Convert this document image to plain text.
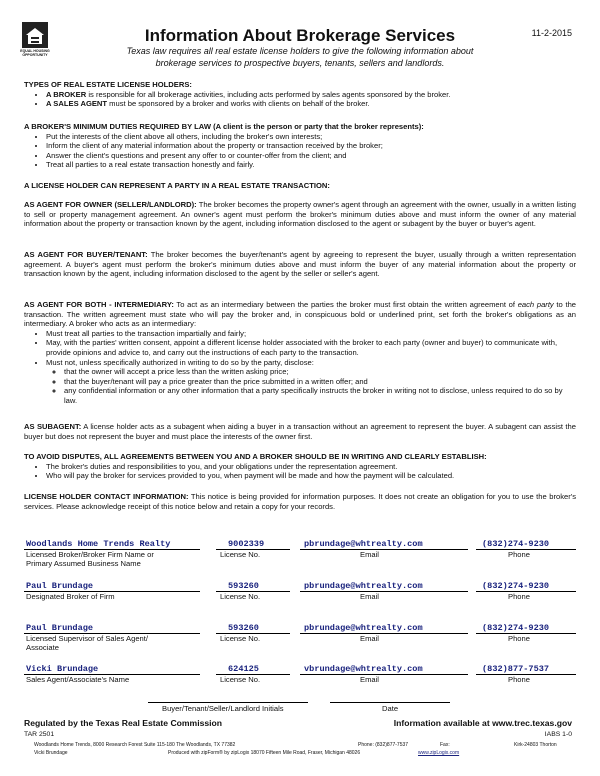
EQUAL HOUSING OPPORTUNITY
Information About Brokerage Services	11-2-2015
Texas law requires all real estate license holders to give the following information about
brokerage services to prospective buyers, tenants, sellers and landlords.
TYPES OF REAL ESTATE LICENSE HOLDERS:
• A BROKER is responsible for all brokerage activities, including acts performed by sales agents sponsored by the broker.
• A SALES AGENT must be sponsored by a broker and works with clients on behalf of the broker.
A BROKER'S MINIMUM DUTIES REQUIRED BY LAW (A client is the person or party that the broker represents):
• Put the interests of the client above all others, including the broker's own interests;
• Inform the client of any material information about the property or transaction received by the broker;
• Answer the client's questions and present any offer to or counter-offer from the client; and
• Treat all parties to a real estate transaction honestly and fairly.
A LICENSE HOLDER CAN REPRESENT A PARTY IN A REAL ESTATE TRANSACTION:

AS AGENT FOR OWNER (SELLER/LANDLORD): The broker becomes the property owner's agent through an agreement with the owner, usually in a written listing to sell or property management agreement. An owner's agent must perform the broker's minimum duties above and must inform the owner of any material information about the property or transaction known by the agent, including information disclosed to the agent or subagent by the buyer or buyer's agent.

AS AGENT FOR BUYER/TENANT: The broker becomes the buyer/tenant's agent by agreeing to represent the buyer, usually through a written representation agreement. A buyer's agent must perform the broker's minimum duties above and must inform the buyer of any material information about the property or transaction known by the agent, including information disclosed to the agent by the seller or seller's agent.

AS AGENT FOR BOTH - INTERMEDIARY: To act as an intermediary between the parties the broker must first obtain the written agreement of each party to the transaction. The written agreement must state who will pay the broker and, in conspicuous bold or underlined print, set forth the broker's obligations as an intermediary. A broker who acts as an intermediary:

• Must treat all parties to the transaction impartially and fairly;
• May, with the parties' written consent, appoint a different license holder associated with the broker to each party (owner and buyer) to communicate with, provide opinions and advice to, and carry out the instructions of each party to the transaction.
• Must not, unless specifically authorized in writing to do so by the party, disclose:
◦ that the owner will accept a price less than the written asking price;
◦ that the buyer/tenant will pay a price greater than the price submitted in a written offer; and
◦ any confidential information or any other information that a party specifically instructs the broker in writing not to disclose, unless required to do so by law.

AS SUBAGENT: A license holder acts as a subagent when aiding a buyer in a transaction without an agreement to represent the buyer. A subagent can assist the buyer but does not represent the buyer and must place the interests of the owner first.

TO AVOID DISPUTES, ALL AGREEMENTS BETWEEN YOU AND A BROKER SHOULD BE IN WRITING AND CLEARLY ESTABLISH:
• The broker's duties and responsibilities to you, and your obligations under the representation agreement.
• Who will pay the broker for services provided to you, when payment will be made and how the payment will be calculated.

LICENSE HOLDER CONTACT INFORMATION: This notice is being provided for information purposes. It does not create an obligation for you to use the broker's services. Please acknowledge receipt of this notice below and retain a copy for your records.

Woodlands Home Trends Realty	9002339	pbrundage@whtrealty.com	(832)274-9230
Licensed Broker/Broker Firm Name or
Primary Assumed Business Name
License No.	Email	Phone
Paul Brundage	593260	pbrundage@whtrealty.com	(832)274-9230
Designated Broker of Firm	License No.	Email	Phone
Paul Brundage	593260	pbrundage@whtrealty.com	(832)274-9230
Licensed Supervisor of Sales Agent/
Associate
License No.	Email	Phone
Vicki Brundage	624125	vbrundage@whtrealty.com	(832)877-7537
Sales Agent/Associate's Name	License No.	Email	Phone
Buyer/Tenant/Seller/Landlord Initials	Date
Regulated by the Texas Real Estate Commission	Information available at www.trec.texas.gov
TAR 2501	IABS 1-0
Woodlands Home Trends, 8000 Research Forest Suite 115-180 The Woodlands, TX 77382	Phone: (832)877-7537	Fax:	Kirk-24803 Thorton
Vicki Brundage	Produced with zipForm® by zipLogix 18070 Fifteen Mile Road, Fraser, Michigan 48026	www.zipLogix.com
